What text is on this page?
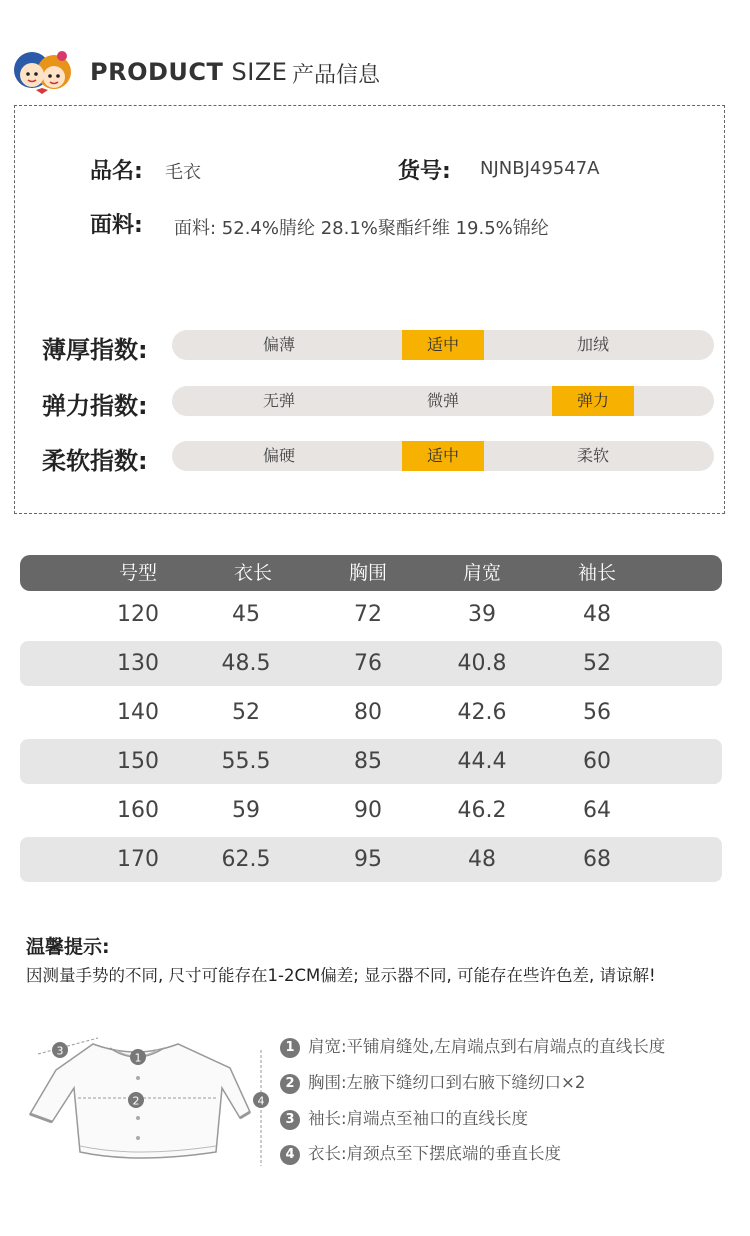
PRODUCT SIZE 产品信息
品名: 毛衣	货号: NJNBJ49547A
面料: 面料: 52.4%腈纶 28.1%聚酯纤维 19.5%锦纶
薄厚指数:	偏薄	适中	加绒
弹力指数:	无弹	微弹	弹力
柔软指数:	偏硬	适中	柔软
号型	衣长	胸围	肩宽	袖长
120	45	72	39	48
130	48.5	76	40.8	52
140	52	80	42.6	56
150	55.5	85	44.4	60
160	59	90	46.2	64
170	62.5	95	48	68
温馨提示:
因测量手势的不同, 尺寸可能存在1-2CM偏差; 显示器不同, 可能存在些许色差, 请谅解!
3
1
2	4
1 肩宽:平铺肩缝处,左肩端点到右肩端点的直线长度
2 胸围:左腋下缝纫口到右腋下缝纫口×2
3 袖长:肩端点至袖口的直线长度
4 衣长:肩颈点至下摆底端的垂直长度
